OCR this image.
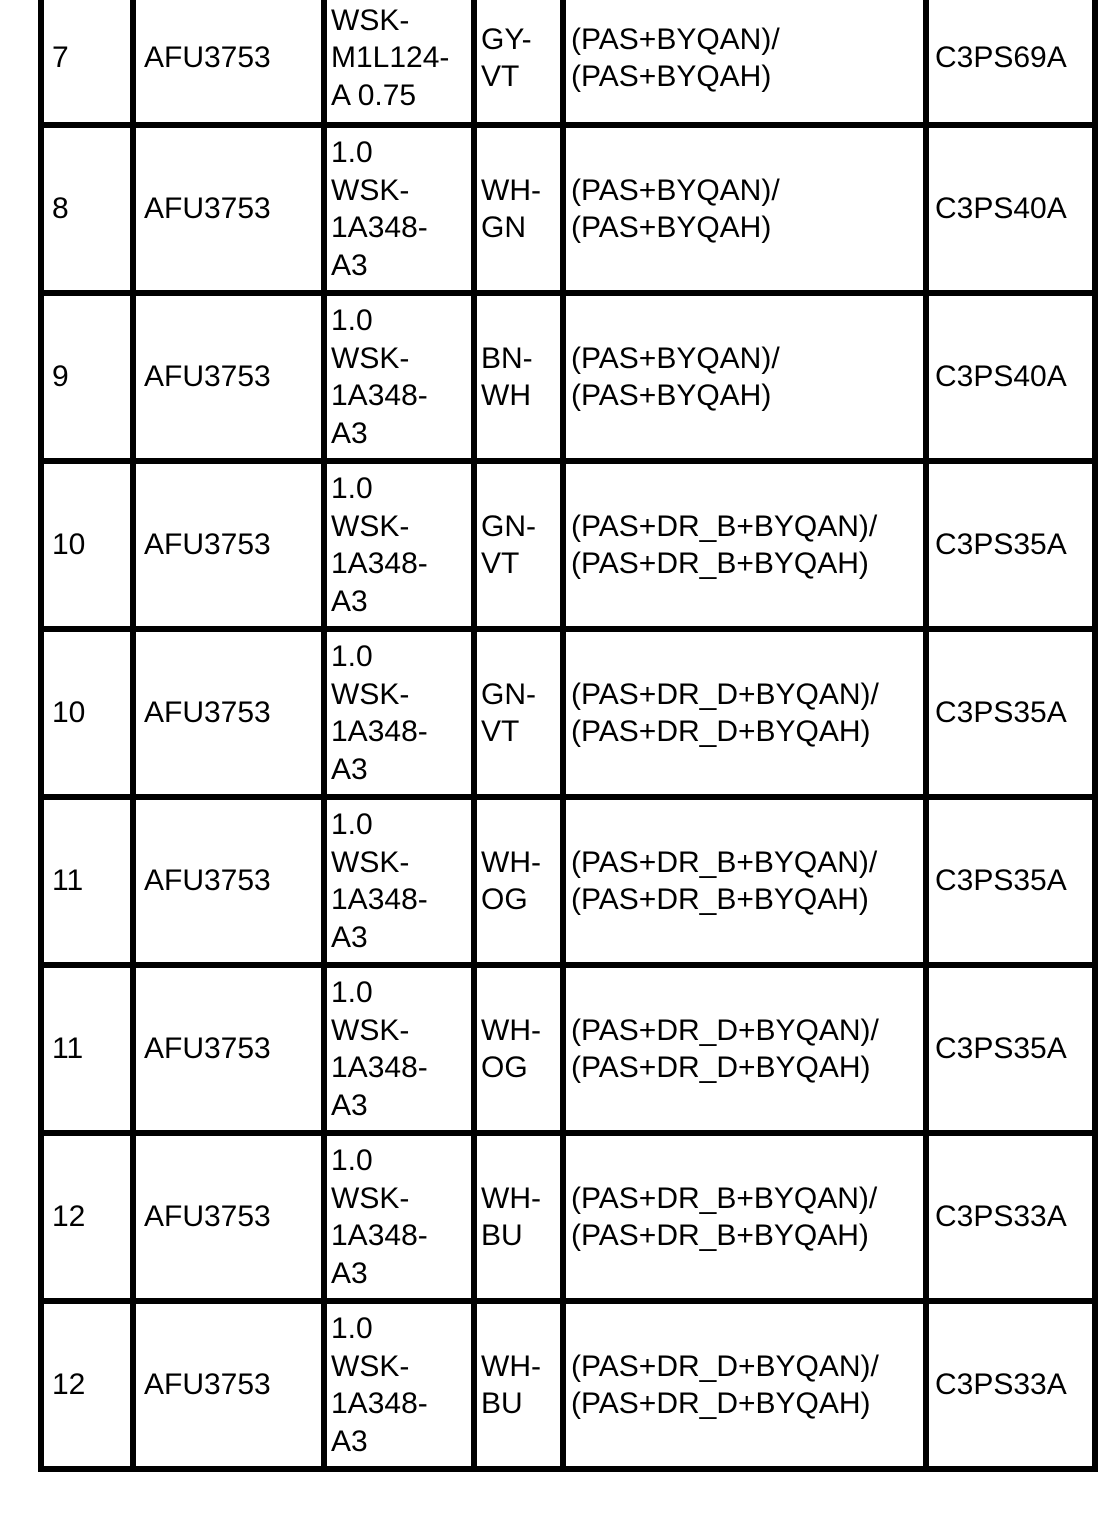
7	AFU3753	WSK-
M1L124-
A 0.75	GY-
VT	(PAS+BYQAN)/
(PAS+BYQAH)	C3PS69A
8	AFU3753	1.0
WSK-
1A348-
A3	WH-
GN	(PAS+BYQAN)/
(PAS+BYQAH)	C3PS40A
9	AFU3753	1.0
WSK-
1A348-
A3	BN-
WH	(PAS+BYQAN)/
(PAS+BYQAH)	C3PS40A
10	AFU3753	1.0
WSK-
1A348-
A3	GN-
VT	(PAS+DR_B+BYQAN)/
(PAS+DR_B+BYQAH)	C3PS35A
10	AFU3753	1.0
WSK-
1A348-
A3	GN-
VT	(PAS+DR_D+BYQAN)/
(PAS+DR_D+BYQAH)	C3PS35A
11	AFU3753	1.0
WSK-
1A348-
A3	WH-
OG	(PAS+DR_B+BYQAN)/
(PAS+DR_B+BYQAH)	C3PS35A
11	AFU3753	1.0
WSK-
1A348-
A3	WH-
OG	(PAS+DR_D+BYQAN)/
(PAS+DR_D+BYQAH)	C3PS35A
12	AFU3753	1.0
WSK-
1A348-
A3	WH-
BU	(PAS+DR_B+BYQAN)/
(PAS+DR_B+BYQAH)	C3PS33A
12	AFU3753	1.0
WSK-
1A348-
A3	WH-
BU	(PAS+DR_D+BYQAN)/
(PAS+DR_D+BYQAH)	C3PS33A
